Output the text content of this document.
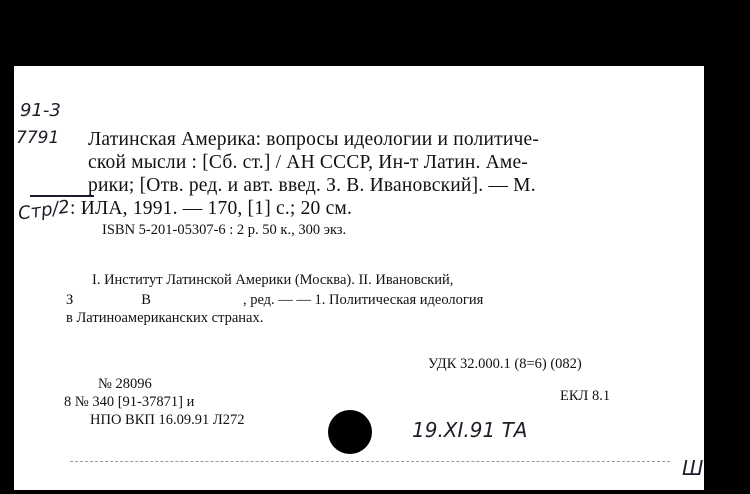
91-3
7791
Стр/2
Латинская Америка: вопросы идеологии и политиче-
ской мысли : [Сб. ст.] / АН СССР, Ин-т Латин. Аме-
рики; [Отв. ред. и авт. введ. З. В. Ивановский]. — М.
: ИЛА, 1991. — 170, [1] с.; 20 см.
ISBN 5-201-05307-6 : 2 р. 50 к., 300 экз.
I. Институт Латинской Америки (Москва). II. Ивановский,
З	В	, ред. — — 1. Политическая идеология
в Латиноамериканских странах.
УДК 32.000.1 (8=6) (082)
№ 28096
ЕКЛ 8.1
8 № 340 [91-37871] и
НПО ВКП 16.09.91 Л272	19.XI.91 ТА
Ш
